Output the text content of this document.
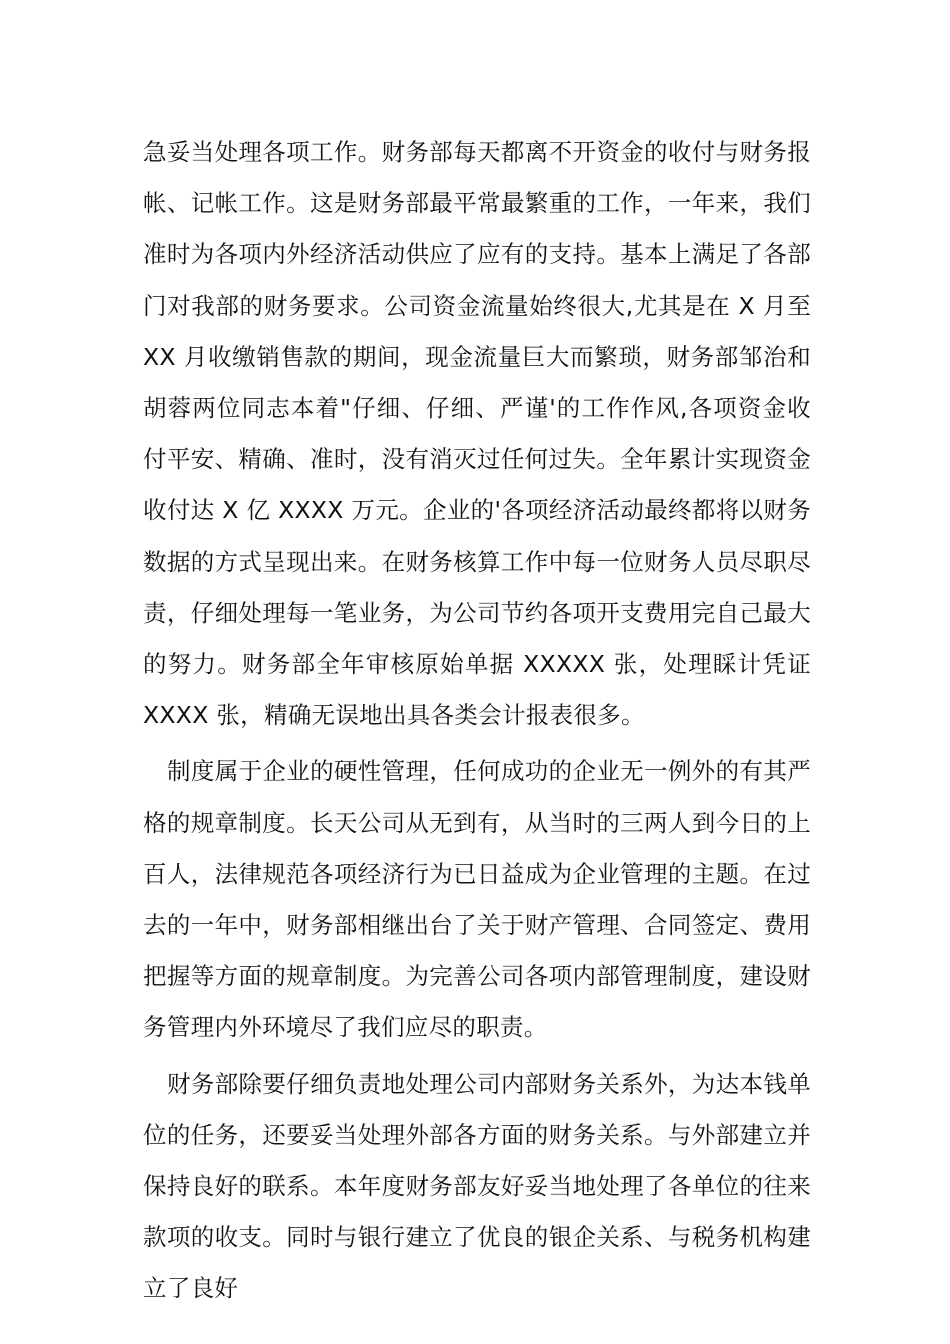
急妥当处理各项工作。财务部每天都离不开资金的收付与财务报帐、记帐工作。这是财务部最平常最繁重的工作，一年来，我们准时为各项内外经济活动供应了应有的支持。基本上满足了各部门对我部的财务要求。公司资金流量始终很大,尤其是在 X 月至 XX 月收缴销售款的期间，现金流量巨大而繁琐，财务部邹治和胡蓉两位同志本着"仔细、仔细、严谨'的工作作风,各项资金收付平安、精确、准时，没有消灭过任何过失。全年累计实现资金收付达 X 亿 XXXX 万元。企业的'各项经济活动最终都将以财务数据的方式呈现出来。在财务核算工作中每一位财务人员尽职尽责，仔细处理每一笔业务，为公司节约各项开支费用完自己最大的努力。财务部全年审核原始单据 XXXXX 张，处理睬计凭证 XXXX 张，精确无误地出具各类会计报表很多。

制度属于企业的硬性管理，任何成功的企业无一例外的有其严格的规章制度。长天公司从无到有，从当时的三两人到今日的上百人，法律规范各项经济行为已日益成为企业管理的主题。在过去的一年中，财务部相继出台了关于财产管理、合同签定、费用把握等方面的规章制度。为完善公司各项内部管理制度，建设财务管理内外环境尽了我们应尽的职责。

财务部除要仔细负责地处理公司内部财务关系外，为达本钱单位的任务，还要妥当处理外部各方面的财务关系。与外部建立并保持良好的联系。本年度财务部友好妥当地处理了各单位的往来款项的收支。同时与银行建立了优良的银企关系、与税务机构建立了良好
